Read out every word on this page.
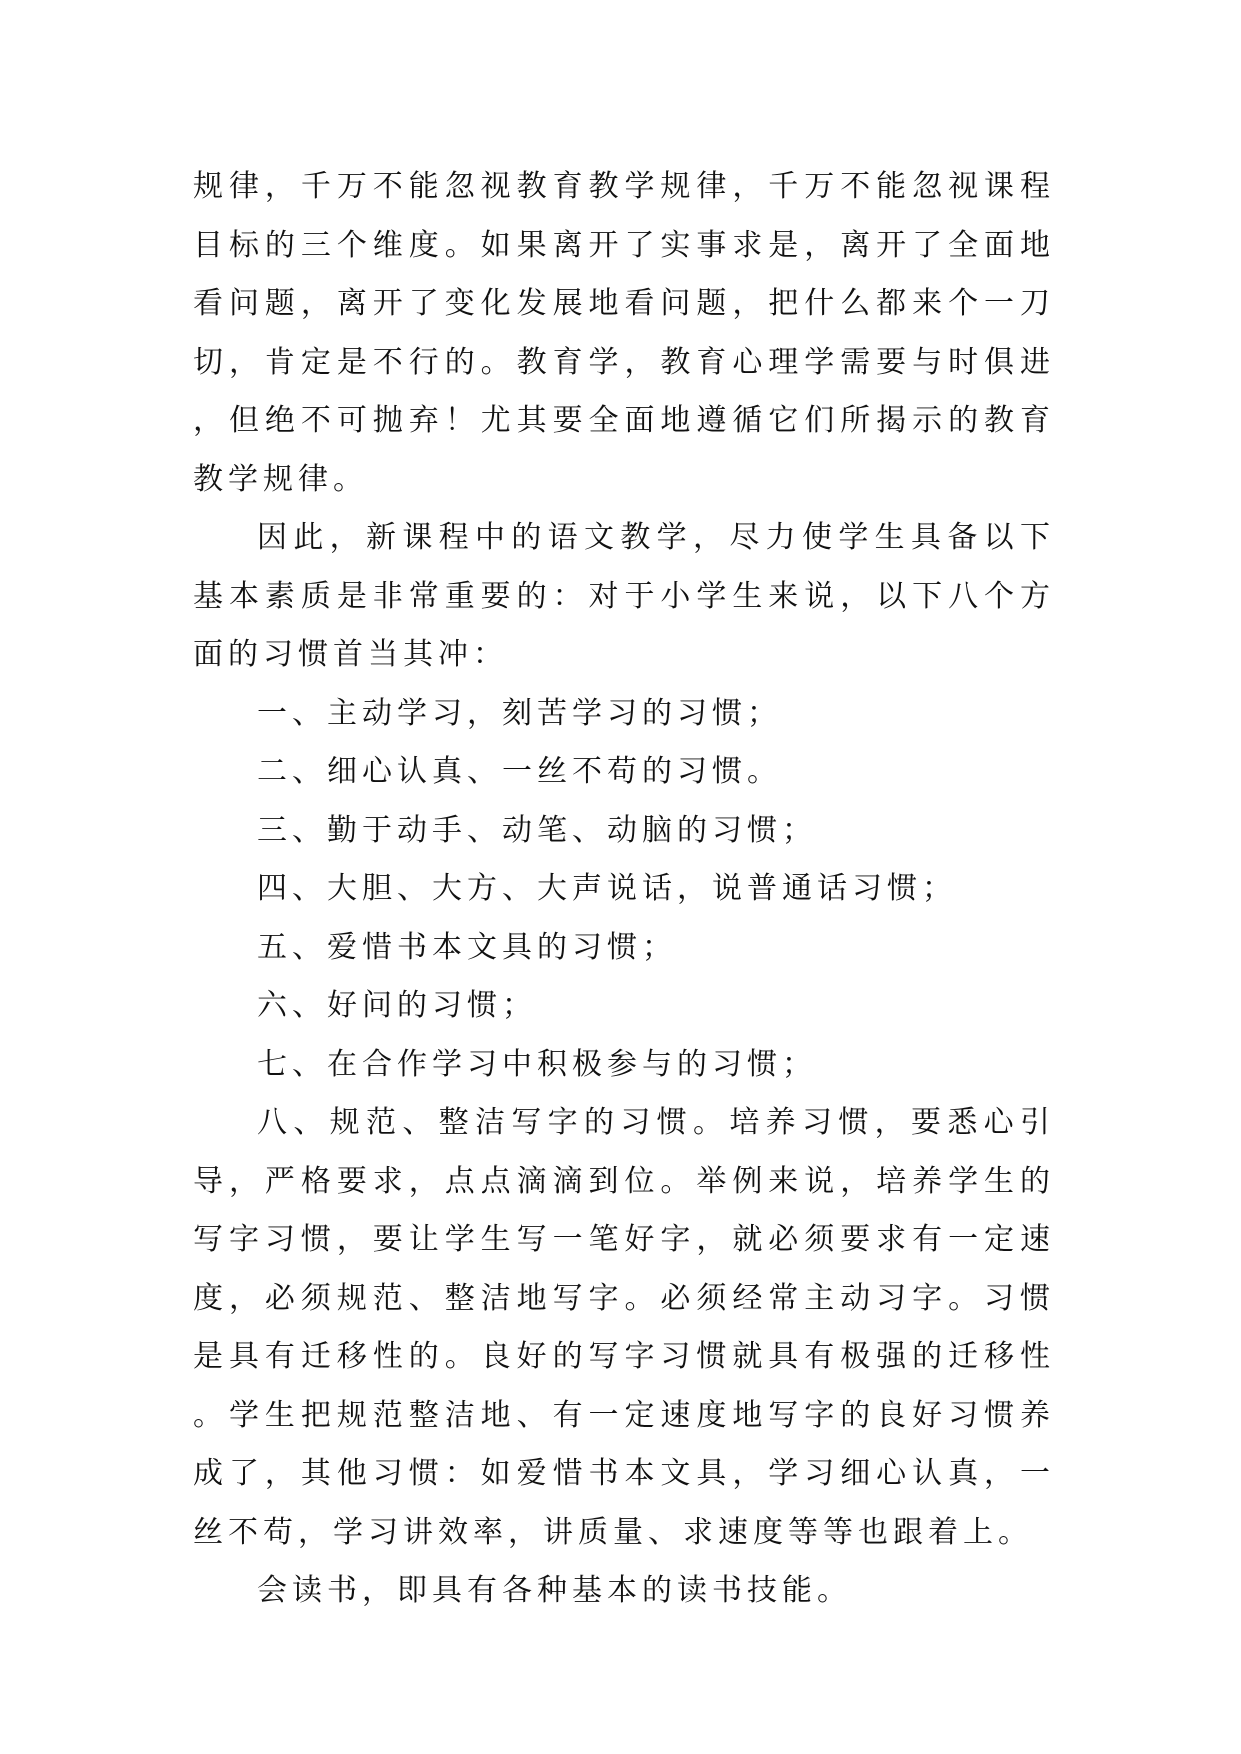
规律，千万不能忽视教育教学规律，千万不能忽视课程目标的三个维度。如果离开了实事求是，离开了全面地看问题，离开了变化发展地看问题，把什么都来个一刀切，肯定是不行的。教育学，教育心理学需要与时俱进，但绝不可抛弃！尤其要全面地遵循它们所揭示的教育教学规律。

因此，新课程中的语文教学，尽力使学生具备以下基本素质是非常重要的：对于小学生来说，以下八个方面的习惯首当其冲：

一、主动学习，刻苦学习的习惯；

二、细心认真、一丝不苟的习惯。

三、勤于动手、动笔、动脑的习惯；

四、大胆、大方、大声说话，说普通话习惯；

五、爱惜书本文具的习惯；

六、好问的习惯；

七、在合作学习中积极参与的习惯；

八、规范、整洁写字的习惯。培养习惯，要悉心引导，严格要求，点点滴滴到位。举例来说，培养学生的写字习惯，要让学生写一笔好字，就必须要求有一定速度，必须规范、整洁地写字。必须经常主动习字。习惯是具有迁移性的。良好的写字习惯就具有极强的迁移性。学生把规范整洁地、有一定速度地写字的良好习惯养成了，其他习惯：如爱惜书本文具，学习细心认真，一丝不苟，学习讲效率，讲质量、求速度等等也跟着上。

会读书，即具有各种基本的读书技能。
